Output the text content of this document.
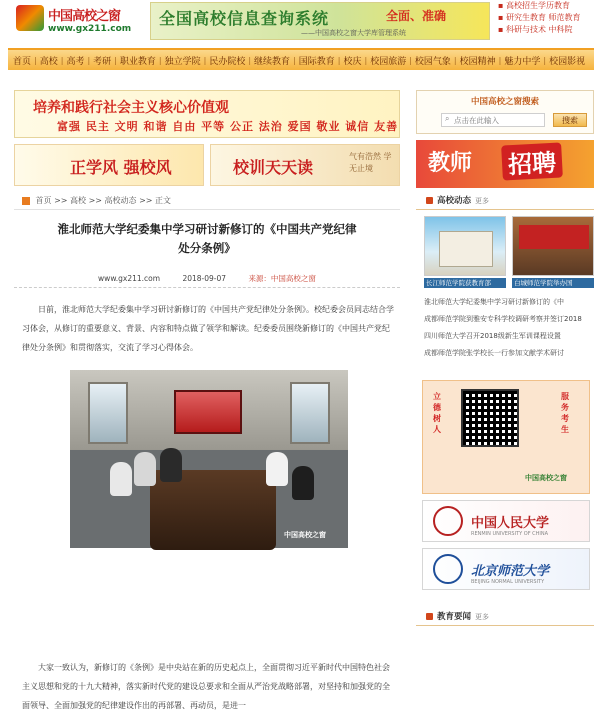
中国高校之窗
www.gx211.com
全国高校信息查询系统	全面、准确
——中国高校之窗大学库管理系统
▪ 高校招生学历教育
▪ 研究生教育 师范教育
▪ 科研与技术 中科院
首页 | 高校 | 高考 | 考研 | 职业教育 | 独立学院 | 民办院校 | 继续教育 | 国际教育 | 校庆 | 校园旅游 | 校园气象 | 校园精神 | 魅力中学 | 校园影视
培养和践行社会主义核心价值观
富强 民主 文明 和谐 自由 平等 公正 法治 爱国 敬业 诚信 友善
正学风 强校风	校训天天读
气有浩然 学无止境
首页 >> 高校 >> 高校动态 >> 正文
淮北师范大学纪委集中学习研讨新修订的《中国共产党纪律处分条例》
www.gx211.com	2018-09-07	来源：中国高校之窗

日前，淮北师范大学纪委集中学习研讨新修订的《中国共产党纪律处分条例》。校纪委会员同志结合学习体会，从修订的重要意义、背景、内容和特点做了领学和解读。纪委委员围绕新修订的《中国共产党纪律处分条例》和贯彻落实，交流了学习心得体会。

中国高校之窗

大家一致认为，新修订的《条例》是中央站在新的历史起点上，全面贯彻习近平新时代中国特色社会主义思想和党的十九大精神，落实新时代党的建设总要求和全面从严治党战略部署，对坚持和加强党的全面领导、全面加强党的纪律建设作出的再部署、再动员，是进一

中国高校之窗搜索
点击在此输入
⌕	搜索
教师 招聘
高校动态 更多
长江师范学院获教育部	白城师范学院举办国
淮北师范大学纪委集中学习研讨新修订的《中
成都师范学院到雅安专科学校调研考察并签订2018
四川师范大学召开2018级新生军训课程设置
成都师范学院张学校长一行参加文献学术研讨
立德树人
服务考生
中国高校之窗
中国人民大学
RENMIN UNIVERSITY OF CHINA
北京师范大学
BEIJING NORMAL UNIVERSITY
教育要闻 更多
